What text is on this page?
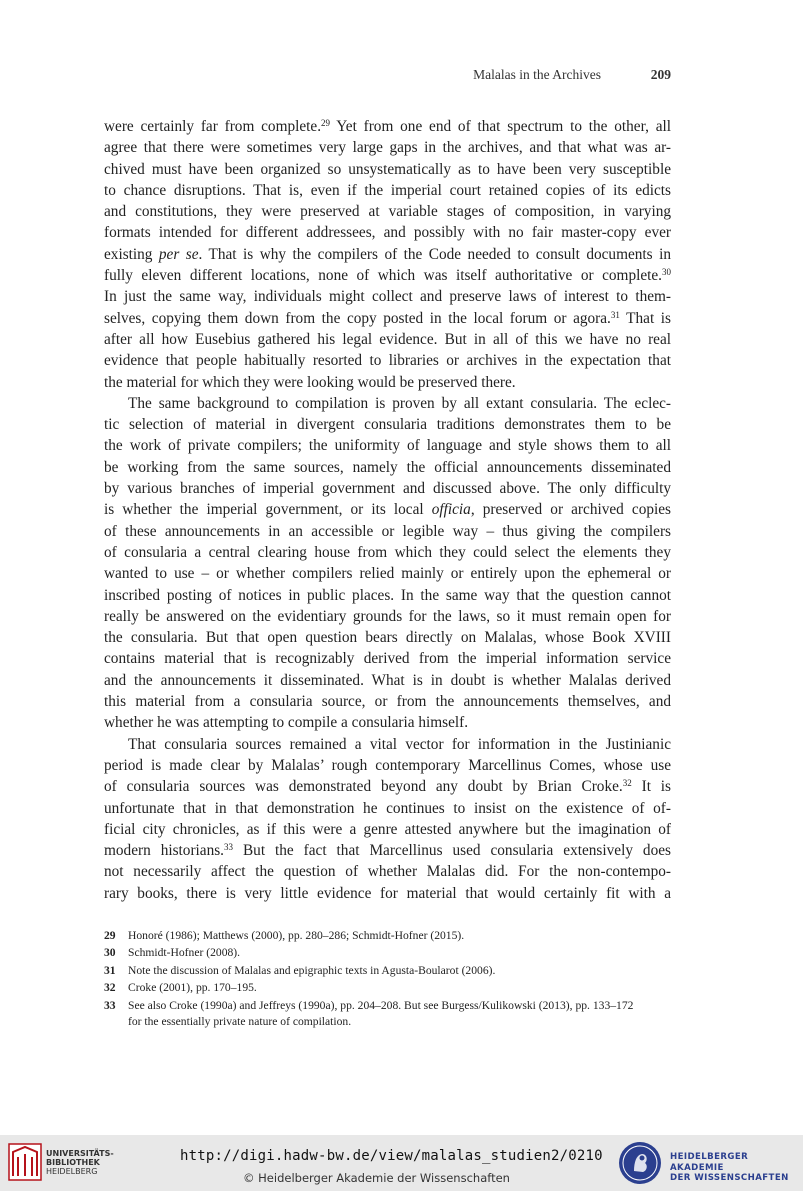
Malalas in the Archives	209

were certainly far from complete.$^{29}$ Yet from one end of that spectrum to the other, all
agree that there were sometimes very large gaps in the archives, and that what was ar-
chived must have been organized so unsystematically as to have been very susceptible
to chance disruptions. That is, even if the imperial court retained copies of its edicts
and constitutions, they were preserved at variable stages of composition, in varying
formats intended for different addressees, and possibly with no fair master-copy ever
existing per se. That is why the compilers of the Code needed to consult documents in
fully eleven different locations, none of which was itself authoritative or complete.$^{30}$
In just the same way, individuals might collect and preserve laws of interest to them-
selves, copying them down from the copy posted in the local forum or agora.$^{31}$ That is
after all how Eusebius gathered his legal evidence. But in all of this we have no real
evidence that people habitually resorted to libraries or archives in the expectation that
the material for which they were looking would be preserved there.

The same background to compilation is proven by all extant consularia. The eclec-
tic selection of material in divergent consularia traditions demonstrates them to be
the work of private compilers; the uniformity of language and style shows them to all
be working from the same sources, namely the official announcements disseminated
by various branches of imperial government and discussed above. The only difficulty
is whether the imperial government, or its local officia, preserved or archived copies
of these announcements in an accessible or legible way – thus giving the compilers
of consularia a central clearing house from which they could select the elements they
wanted to use – or whether compilers relied mainly or entirely upon the ephemeral or
inscribed posting of notices in public places. In the same way that the question cannot
really be answered on the evidentiary grounds for the laws, so it must remain open for
the consularia. But that open question bears directly on Malalas, whose Book XVIII
contains material that is recognizably derived from the imperial information service
and the announcements it disseminated. What is in doubt is whether Malalas derived
this material from a consularia source, or from the announcements themselves, and
whether he was attempting to compile a consularia himself.

That consularia sources remained a vital vector for information in the Justinianic
period is made clear by Malalas’ rough contemporary Marcellinus Comes, whose use
of consularia sources was demonstrated beyond any doubt by Brian Croke.$^{32}$ It is
unfortunate that in that demonstration he continues to insist on the existence of of-
ficial city chronicles, as if this were a genre attested anywhere but the imagination of
modern historians.$^{33}$ But the fact that Marcellinus used consularia extensively does
not necessarily affect the question of whether Malalas did. For the non-contempo-
rary books, there is very little evidence for material that would certainly fit with a

29 Honoré (1986); Matthews (2000), pp. 280–286; Schmidt-Hofner (2015).
30 Schmidt-Hofner (2008).
31 Note the discussion of Malalas and epigraphic texts in Agusta-Boularot (2006).
32 Croke (2001), pp. 170–195.
33 See also Croke (1990a) and Jeffreys (1990a), pp. 204–208. But see Burgess/Kulikowski (2013), pp. 133–172
for the essentially private nature of compilation.
UNIVERSITÄTS-
BIBLIOTHEK
HEIDELBERG
http://digi.hadw-bw.de/view/malalas_studien2/0210
© Heidelberger Akademie der Wissenschaften
HEIDELBERGER AKADEMIE
DER WISSENSCHAFTEN
